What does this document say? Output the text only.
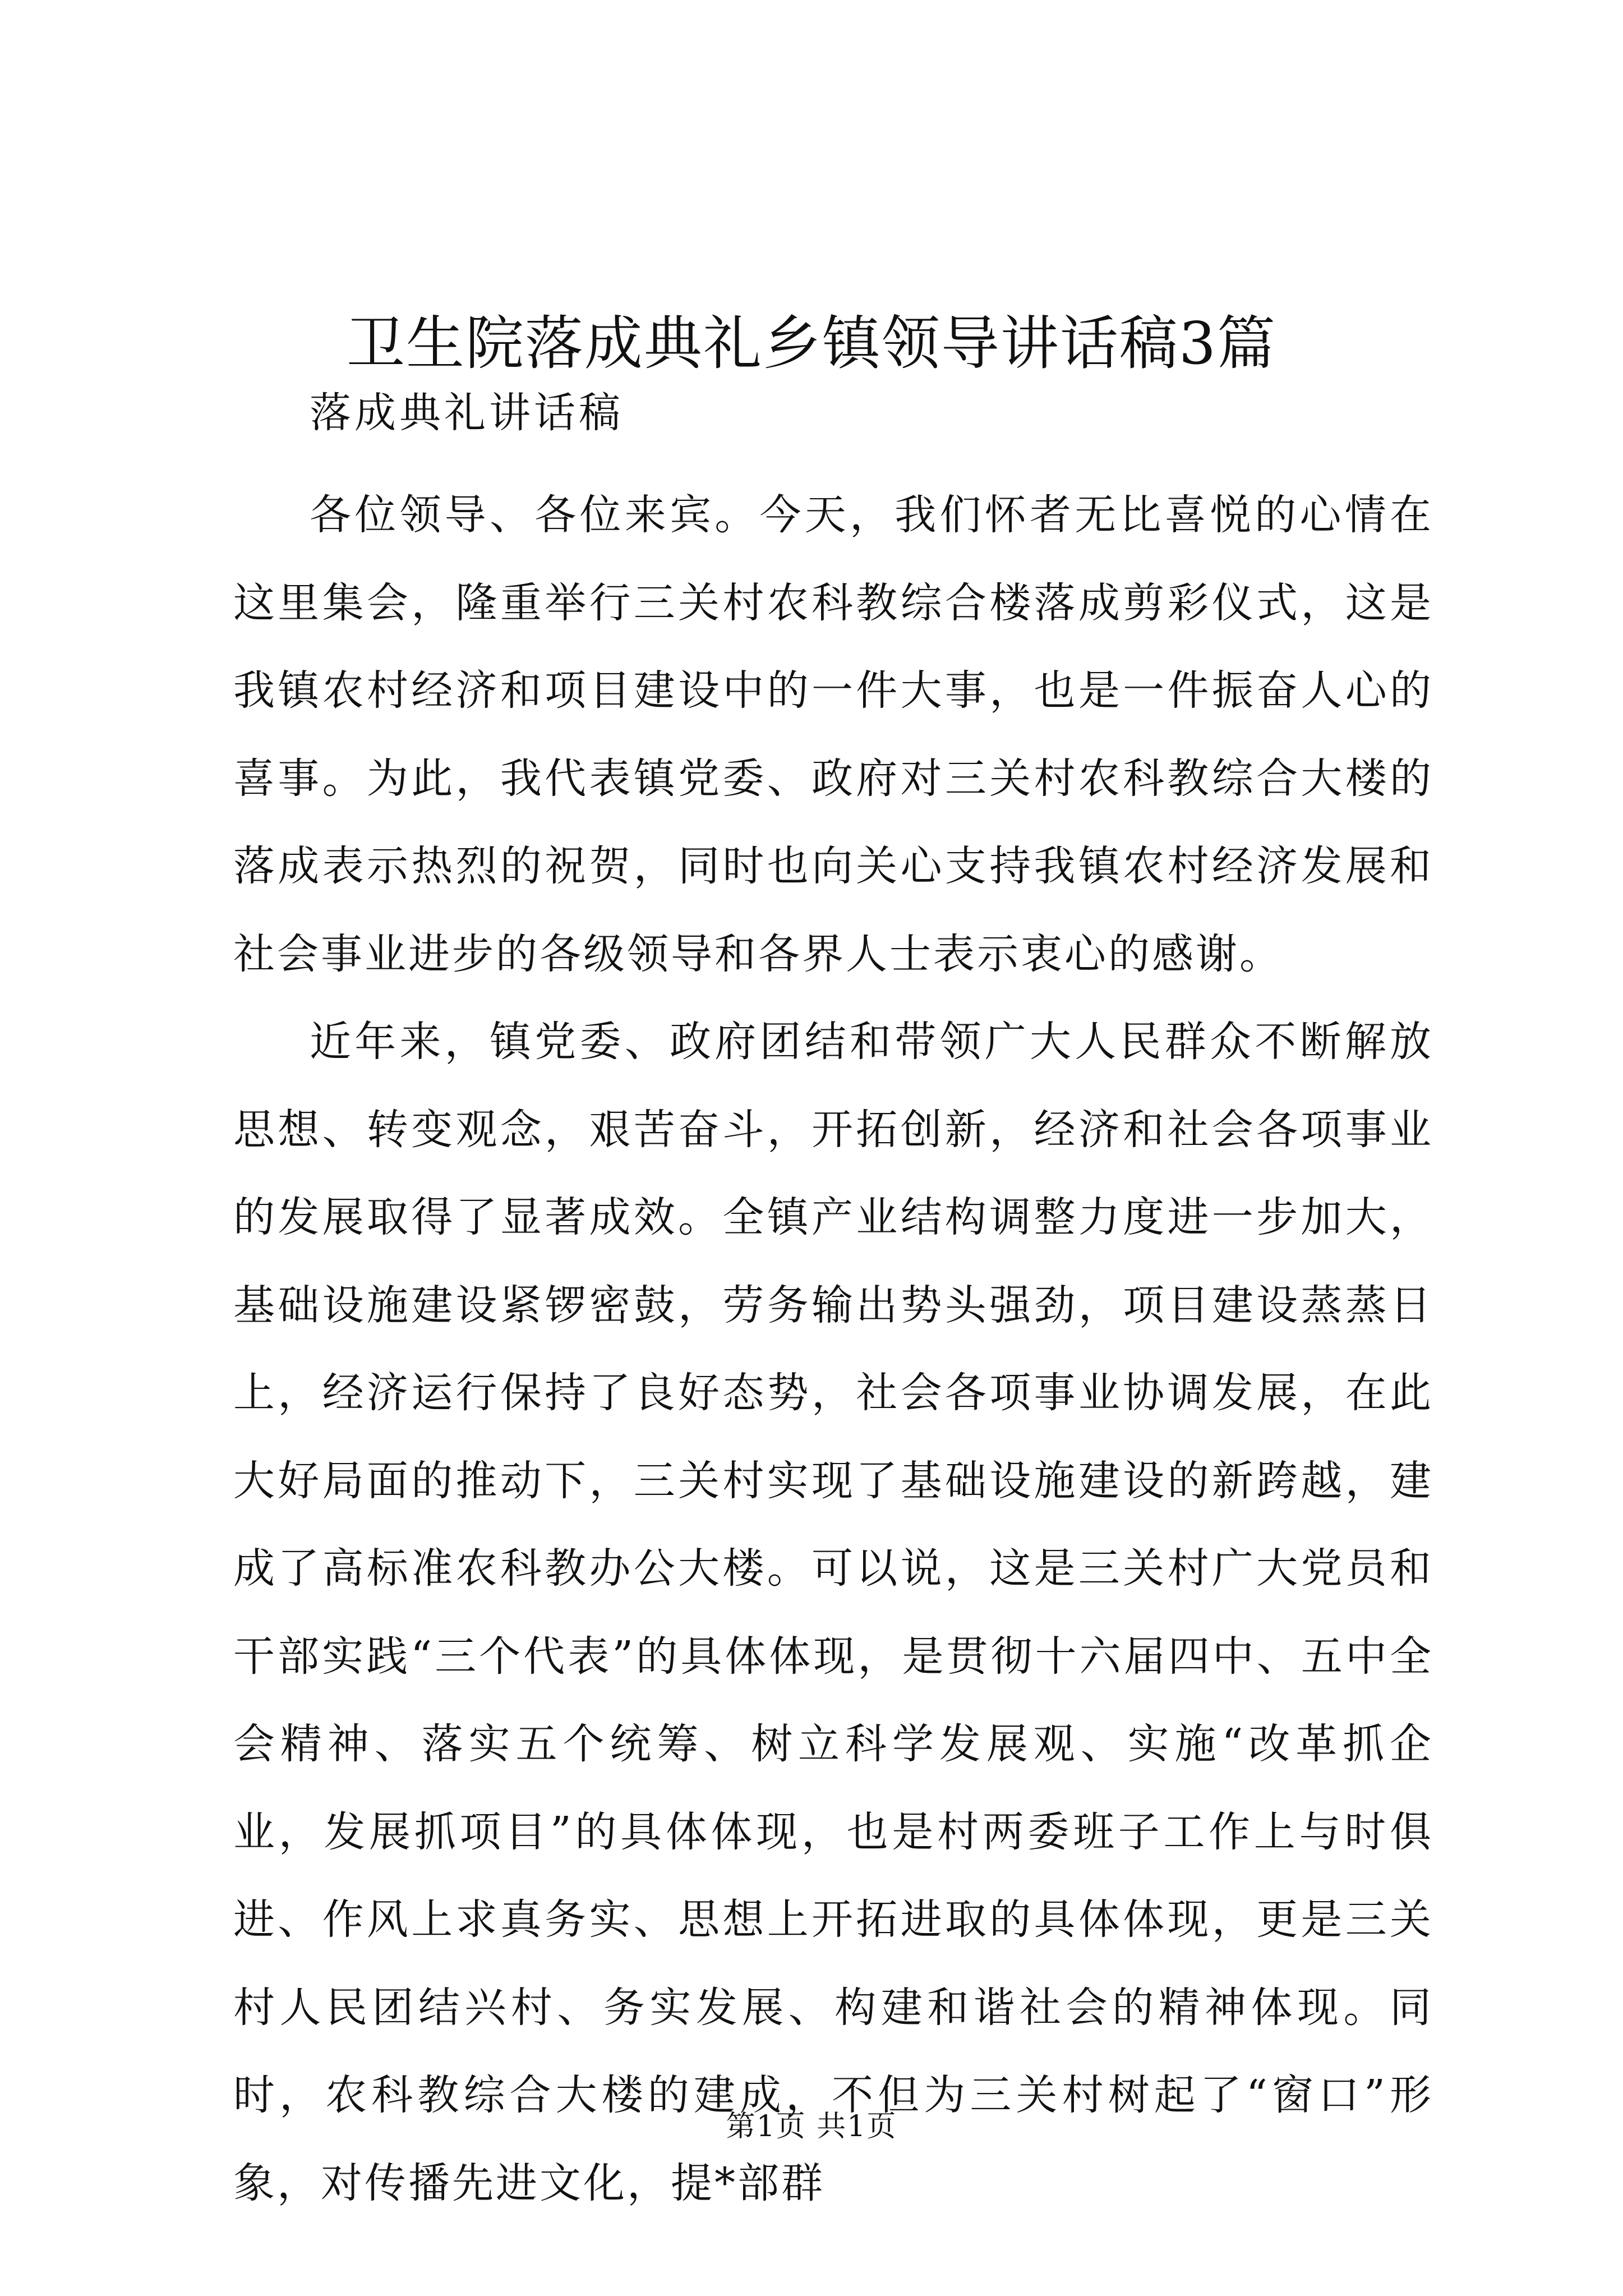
卫生院落成典礼乡镇领导讲话稿3篇
落成典礼讲话稿

各位领导、各位来宾。今天，我们怀者无比喜悦的心情在这里集会，隆重举行三关村农科教综合楼落成剪彩仪式，这是我镇农村经济和项目建设中的一件大事，也是一件振奋人心的喜事。为此，我代表镇党委、政府对三关村农科教综合大楼的落成表示热烈的祝贺，同时也向关心支持我镇农村经济发展和社会事业进步的各级领导和各界人士表示衷心的感谢。

近年来，镇党委、政府团结和带领广大人民群众不断解放思想、转变观念，艰苦奋斗，开拓创新，经济和社会各项事业的发展取得了显著成效。全镇产业结构调整力度进一步加大，基础设施建设紧锣密鼓，劳务输出势头强劲，项目建设蒸蒸日上，经济运行保持了良好态势，社会各项事业协调发展，在此大好局面的推动下，三关村实现了基础设施建设的新跨越，建成了高标准农科教办公大楼。可以说，这是三关村广大党员和干部实践“三个代表”的具体体现，是贯彻十六届四中、五中全会精神、落实五个统筹、树立科学发展观、实施“改革抓企业，发展抓项目”的具体体现，也是村两委班子工作上与时俱进、作风上求真务实、思想上开拓进取的具体体现，更是三关村人民团结兴村、务实发展、构建和谐社会的精神体现。同时，农科教综合大楼的建成，不但为三关村树起了“窗口”形象，对传播先进文化，提*部群

第1页 共1页
